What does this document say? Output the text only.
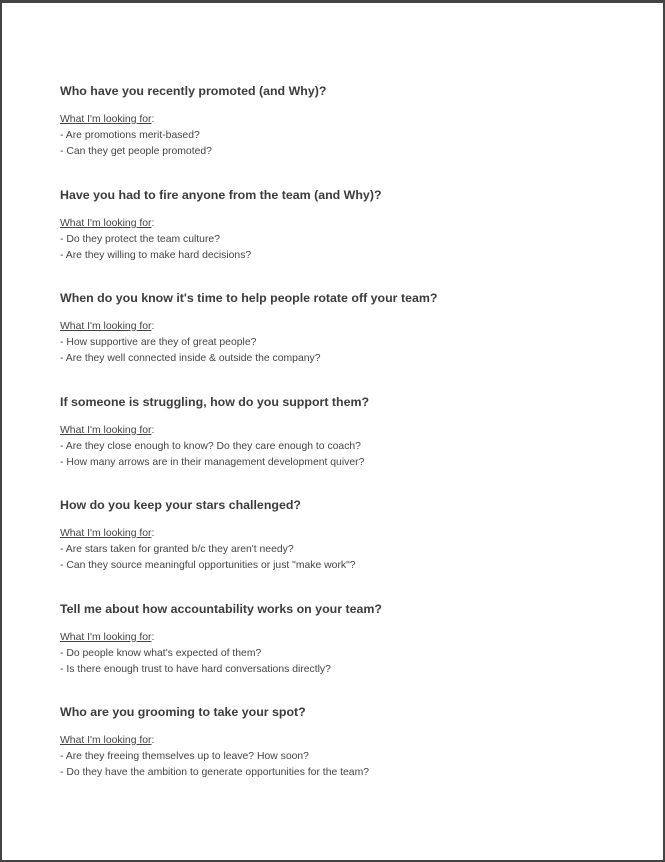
Who have you recently promoted (and Why)?

What I'm looking for:

- Are promotions merit-based?

- Can they get people promoted?

Have you had to fire anyone from the team (and Why)?

What I'm looking for:

- Do they protect the team culture?

- Are they willing to make hard decisions?

When do you know it's time to help people rotate off your team?

What I'm looking for:

- How supportive are they of great people?

- Are they well connected inside & outside the company?

If someone is struggling, how do you support them?

What I'm looking for:

- Are they close enough to know? Do they care enough to coach?

- How many arrows are in their management development quiver?

How do you keep your stars challenged?

What I'm looking for:

- Are stars taken for granted b/c they aren't needy?

- Can they source meaningful opportunities or just "make work"?

Tell me about how accountability works on your team?

What I'm looking for:

- Do people know what's expected of them?

- Is there enough trust to have hard conversations directly?

Who are you grooming to take your spot?

What I'm looking for:

- Are they freeing themselves up to leave? How soon?

- Do they have the ambition to generate opportunities for the team?
